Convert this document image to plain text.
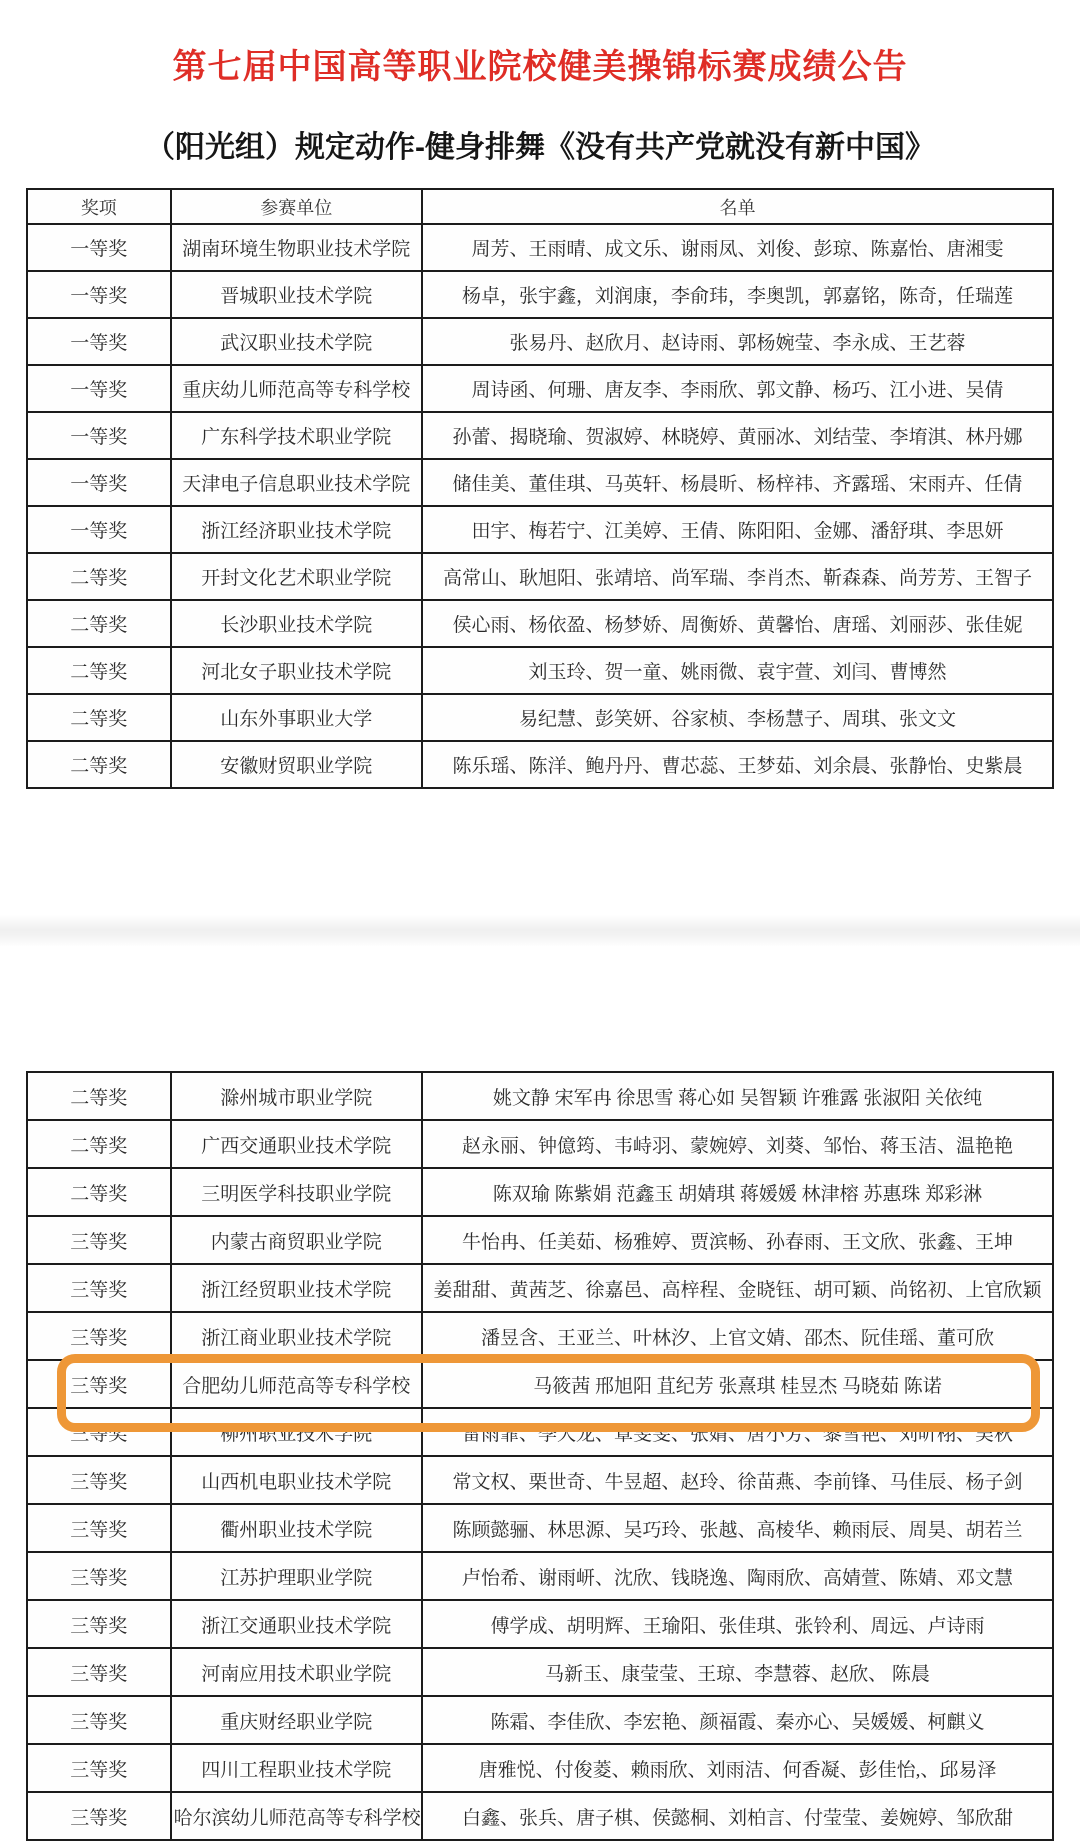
第七届中国高等职业院校健美操锦标赛成绩公告
（阳光组）规定动作-健身排舞《没有共产党就没有新中国》
奖项	参赛单位	名单
一等奖	湖南环境生物职业技术学院	周芳、王雨晴、成文乐、谢雨凤、刘俊、彭琼、陈嘉怡、唐湘雯
一等奖	晋城职业技术学院	杨卓，张宇鑫，刘润康，李俞玮，李奥凯，郭嘉铭，陈奇，任瑞莲
一等奖	武汉职业技术学院	张易丹、赵欣月、赵诗雨、郭杨婉莹、李永成、王艺蓉
一等奖	重庆幼儿师范高等专科学校	周诗函、何珊、唐友李、李雨欣、郭文静、杨巧、江小进、吴倩
一等奖	广东科学技术职业学院	孙蕾、揭晓瑜、贺淑婷、林晓婷、黄丽冰、刘结莹、李堉淇、林丹娜
一等奖	天津电子信息职业技术学院	储佳美、董佳琪、马英轩、杨晨昕、杨梓祎、齐露瑶、宋雨卉、任倩
一等奖	浙江经济职业技术学院	田宇、梅若宁、江美婷、王倩、陈阳阳、金娜、潘舒琪、李思妍
二等奖	开封文化艺术职业学院	高常山、耿旭阳、张靖培、尚军瑞、李肖杰、靳森森、尚芳芳、王智子
二等奖	长沙职业技术学院	侯心雨、杨依盈、杨梦娇、周衡娇、黄馨怡、唐瑶、刘丽莎、张佳妮
二等奖	河北女子职业技术学院	刘玉玲、贺一童、姚雨微、袁宇萱、刘闫、曹博然
二等奖	山东外事职业大学	易纪慧、彭笑妍、谷家桢、李杨慧子、周琪、张文文
二等奖	安徽财贸职业学院	陈乐瑶、陈洋、鲍丹丹、曹芯蕊、王梦茹、刘余晨、张静怡、史紫晨
二等奖	滁州城市职业学院	姚文静 宋军冉 徐思雪 蒋心如 吴智颖 许雅露 张淑阳 关依纯
二等奖	广西交通职业技术学院	赵永丽、钟億筠、韦峙羽、蒙婉婷、刘葵、邹怡、蒋玉洁、温艳艳
二等奖	三明医学科技职业学院	陈双瑜 陈紫娟 范鑫玉 胡婧琪 蒋媛媛 林津榕 苏惠珠 郑彩淋
三等奖	内蒙古商贸职业学院	牛怡冉、任美茹、杨雅婷、贾滨畅、孙春雨、王文欣、张鑫、王坤
三等奖	浙江经贸职业技术学院	姜甜甜、黄茜芝、徐嘉邑、高梓程、金晓钰、胡可颖、尚铭初、上官欣颖
三等奖	浙江商业职业技术学院	潘昱含、王亚兰、叶林汐、上官文婧、邵杰、阮佳瑶、董可欣
三等奖	合肥幼儿师范高等专科学校	马筱茜 邢旭阳 苴纪芳 张熹琪 桂昱杰 马晓茹 陈诺
三等奖	柳州职业技术学院	雷雨霏、李大龙、覃雯雯、张婧、唐小芳、黎雪艳、刘昕栩、吴秋
三等奖	山西机电职业技术学院	常文权、栗世奇、牛昱超、赵玲、徐苗燕、李前锋、马佳辰、杨子剑
三等奖	衢州职业技术学院	陈顾懿骊、林思源、吴巧玲、张越、高棱华、赖雨辰、周昊、胡若兰
三等奖	江苏护理职业学院	卢怡希、谢雨岍、沈欣、钱晓逸、陶雨欣、高婧萱、陈婧、邓文慧
三等奖	浙江交通职业技术学院	傅学成、胡明辉、王瑜阳、张佳琪、张铃利、周远、卢诗雨
三等奖	河南应用技术职业学院	马新玉、康莹莹、王琼、李慧蓉、赵欣、 陈晨
三等奖	重庆财经职业学院	陈霜、李佳欣、李宏艳、颜福霞、秦亦心、吴媛媛、柯麒义
三等奖	四川工程职业技术学院	唐雅悦、付俊菱、赖雨欣、刘雨洁、何香凝、彭佳怡,、邱易泽
三等奖	哈尔滨幼儿师范高等专科学校	白鑫、张兵、唐子棋、侯懿桐、刘柏言、付莹莹、姜婉婷、邹欣甜
